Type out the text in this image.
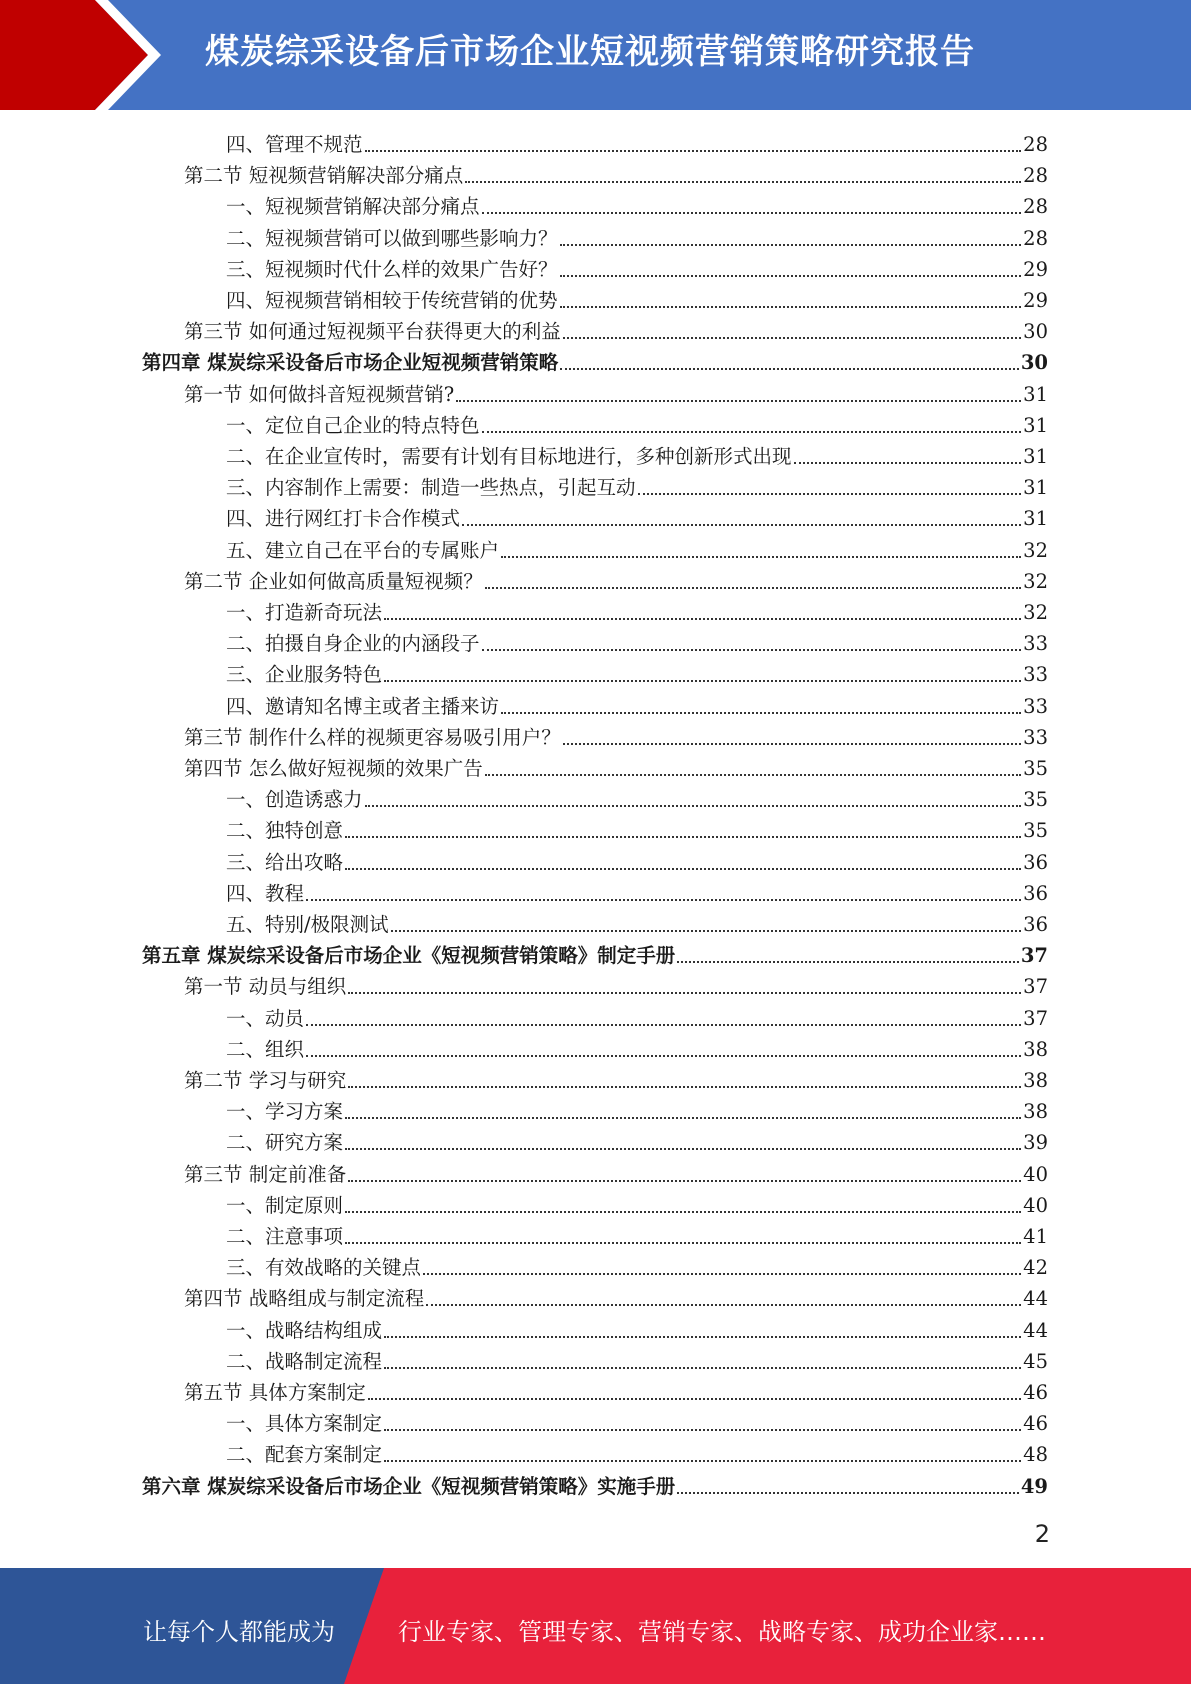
煤炭综采设备后市场企业短视频营销策略研究报告
四、管理不规范	28
第二节 短视频营销解决部分痛点	28
一、短视频营销解决部分痛点	28
二、短视频营销可以做到哪些影响力？	28
三、短视频时代什么样的效果广告好？	29
四、短视频营销相较于传统营销的优势	29
第三节 如何通过短视频平台获得更大的利益	30
第四章 煤炭综采设备后市场企业短视频营销策略	30
第一节 如何做抖音短视频营销?	31
一、定位自己企业的特点特色	31
二、在企业宣传时，需要有计划有目标地进行，多种创新形式出现	31
三、内容制作上需要：制造一些热点，引起互动	31
四、进行网红打卡合作模式	31
五、建立自己在平台的专属账户	32
第二节 企业如何做高质量短视频？	32
一、打造新奇玩法	32
二、拍摄自身企业的内涵段子	33
三、企业服务特色	33
四、邀请知名博主或者主播来访	33
第三节 制作什么样的视频更容易吸引用户？	33
第四节 怎么做好短视频的效果广告	35
一、创造诱惑力	35
二、独特创意	35
三、给出攻略	36
四、教程	36
五、特别/极限测试	36
第五章 煤炭综采设备后市场企业《短视频营销策略》制定手册	37
第一节 动员与组织	37
一、动员	37
二、组织	38
第二节 学习与研究	38
一、学习方案	38
二、研究方案	39
第三节 制定前准备	40
一、制定原则	40
二、注意事项	41
三、有效战略的关键点	42
第四节 战略组成与制定流程	44
一、战略结构组成	44
二、战略制定流程	45
第五节 具体方案制定	46
一、具体方案制定	46
二、配套方案制定	48
第六章 煤炭综采设备后市场企业《短视频营销策略》实施手册	49
2
让每个人都能成为	行业专家、管理专家、营销专家、战略专家、成功企业家……
